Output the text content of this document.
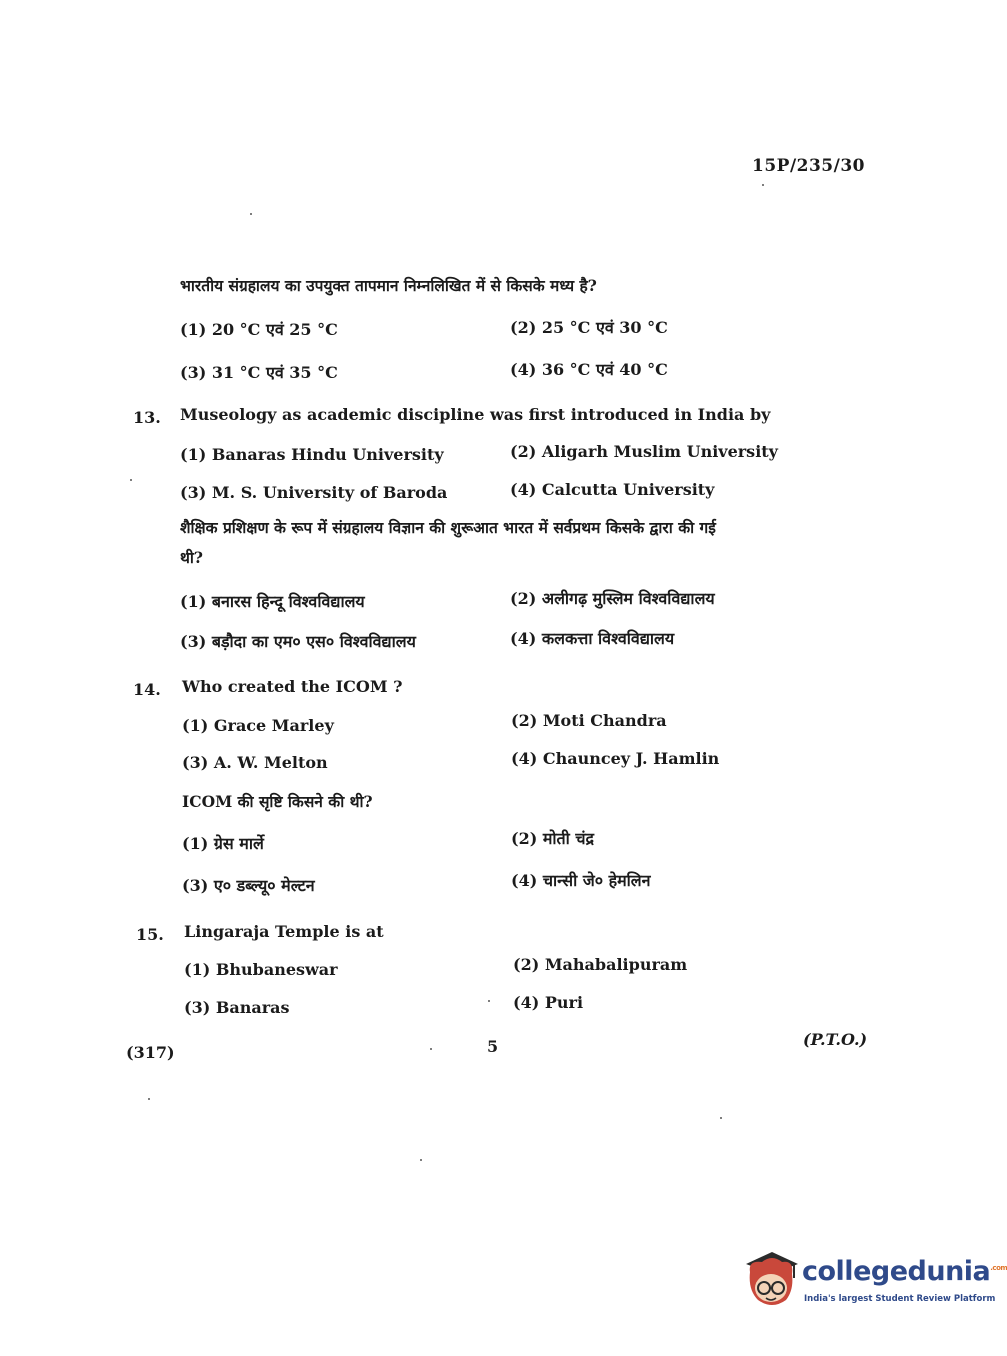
15P/235/30
भारतीय संग्रहालय का उपयुक्त तापमान निम्नलिखित में से किसके मध्य है?
(1) 20 °C एवं 25 °C	(2) 25 °C एवं 30 °C
(3) 31 °C एवं 35 °C	(4) 36 °C एवं 40 °C
13. Museology as academic discipline was first introduced in India by
(1) Banaras Hindu University	(2) Aligarh Muslim University
(3) M. S. University of Baroda	(4) Calcutta University
शैक्षिक प्रशिक्षण के रूप में संग्रहालय विज्ञान की शुरूआत भारत में सर्वप्रथम किसके द्वारा की गई
थी?
(1) बनारस हिन्दू विश्वविद्यालय	(2) अलीगढ़ मुस्लिम विश्वविद्यालय
(3) बड़ौदा का एम० एस० विश्वविद्यालय	(4) कलकत्ता विश्वविद्यालय
14. Who created the ICOM ?
(1) Grace Marley	(2) Moti Chandra
(3) A. W. Melton	(4) Chauncey J. Hamlin
ICOM की सृष्टि किसने की थी?
(1) ग्रेस मार्ले	(2) मोती चंद्र
(3) ए० डब्ल्यू० मेल्टन	(4) चान्सी जे० हेमलिन
15. Lingaraja Temple is at
(1) Bhubaneswar	(2) Mahabalipuram
(3) Banaras	(4) Puri
(317)	5	(P.T.O.)
collegedunia$^{.com}$
India's largest Student Review Platform
